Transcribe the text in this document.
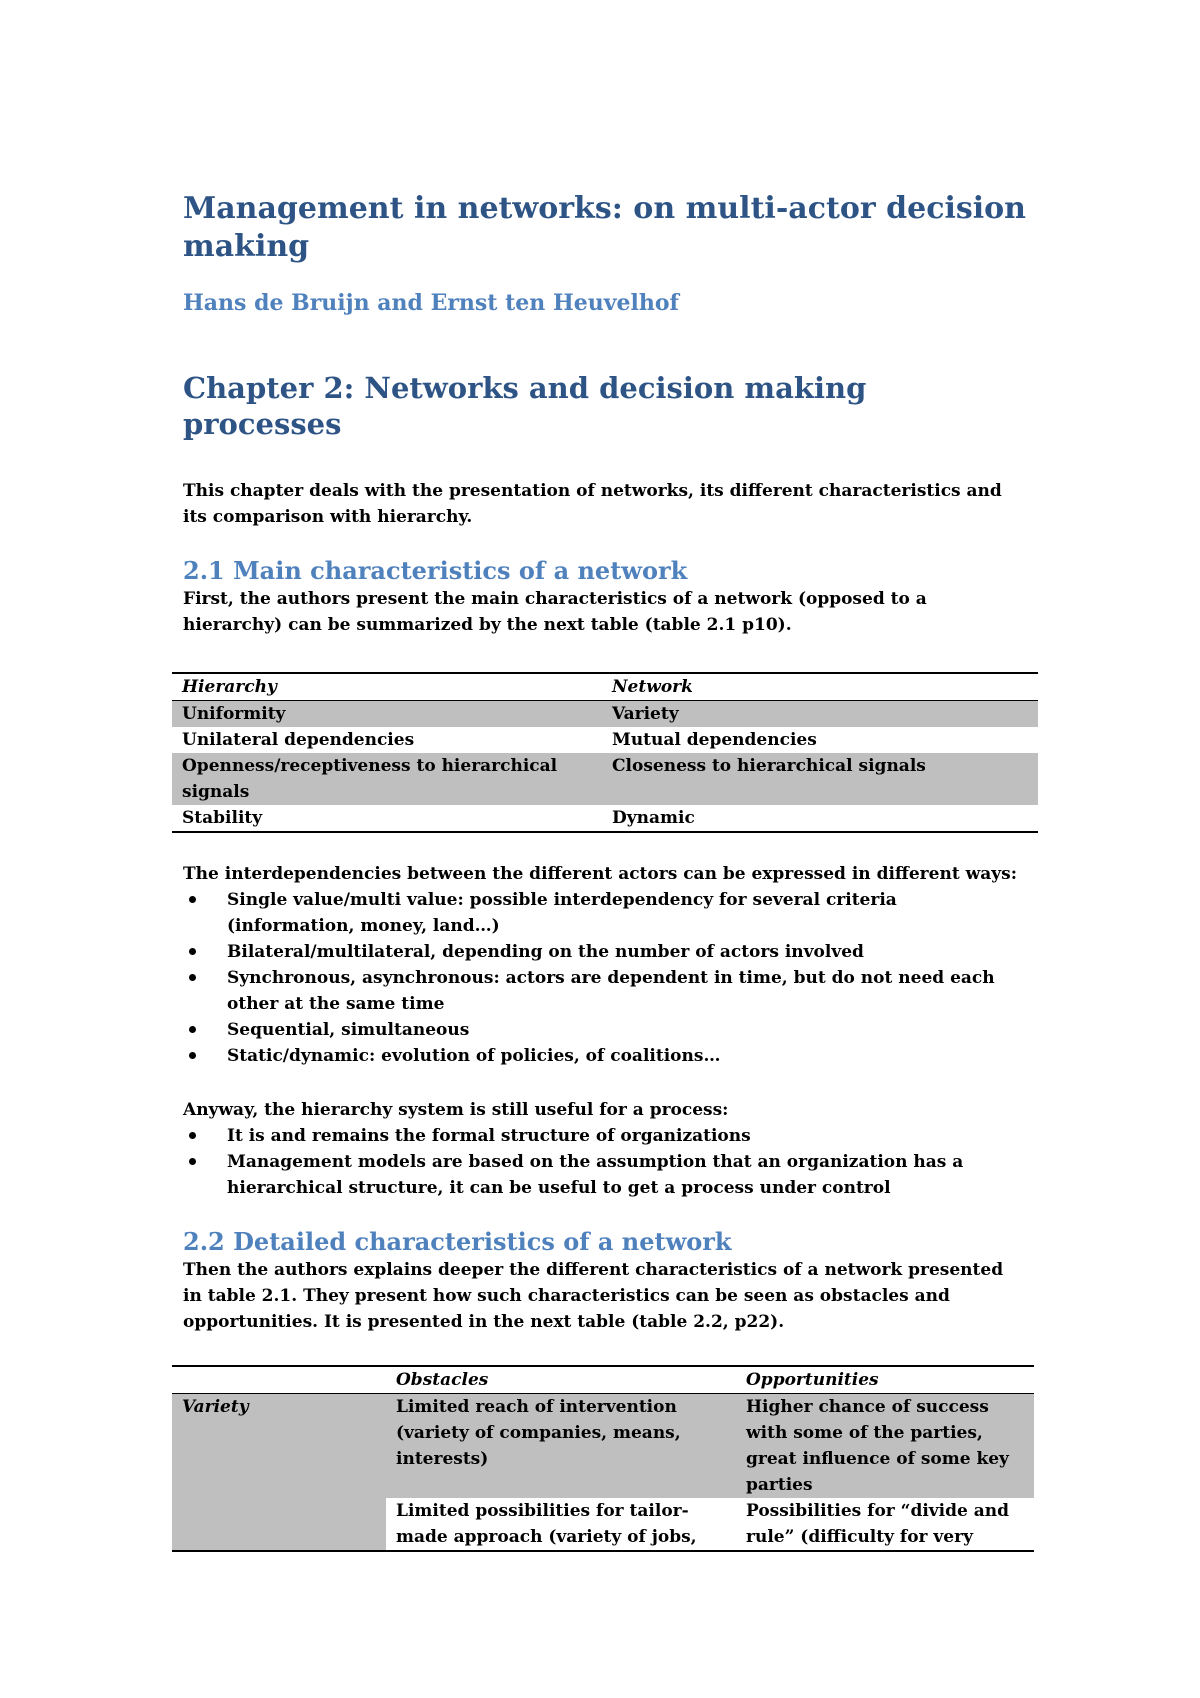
Management in networks: on multi-actor decision making
Hans de Bruijn and Ernst ten Heuvelhof
Chapter 2: Networks and decision making processes

This chapter deals with the presentation of networks, its different characteristics and its comparison with hierarchy.

2.1 Main characteristics of a network

First, the authors present the main characteristics of a network (opposed to a hierarchy) can be summarized by the next table (table 2.1 p10).

Hierarchy	Network
Uniformity	Variety
Unilateral dependencies	Mutual dependencies
Openness/receptiveness to hierarchical signals	Closeness to hierarchical signals
Stability	Dynamic

The interdependencies between the different actors can be expressed in different ways:

Single value/multi value: possible interdependency for several criteria (information, money, land…)
Bilateral/multilateral, depending on the number of actors involved
Synchronous, asynchronous: actors are dependent in time, but do not need each other at the same time
Sequential, simultaneous
Static/dynamic: evolution of policies, of coalitions…

Anyway, the hierarchy system is still useful for a process:

It is and remains the formal structure of organizations
Management models are based on the assumption that an organization has a hierarchical structure, it can be useful to get a process under control
2.2 Detailed characteristics of a network

Then the authors explains deeper the different characteristics of a network presented in table 2.1. They present how such characteristics can be seen as obstacles and opportunities. It is presented in the next table (table 2.2, p22).

	Obstacles	Opportunities
Variety	Limited reach of intervention (variety of companies, means, interests)	Higher chance of success with some of the parties, great influence of some key parties
	Limited possibilities for tailor-made approach (variety of jobs,	Possibilities for “divide and rule” (difficulty for very
